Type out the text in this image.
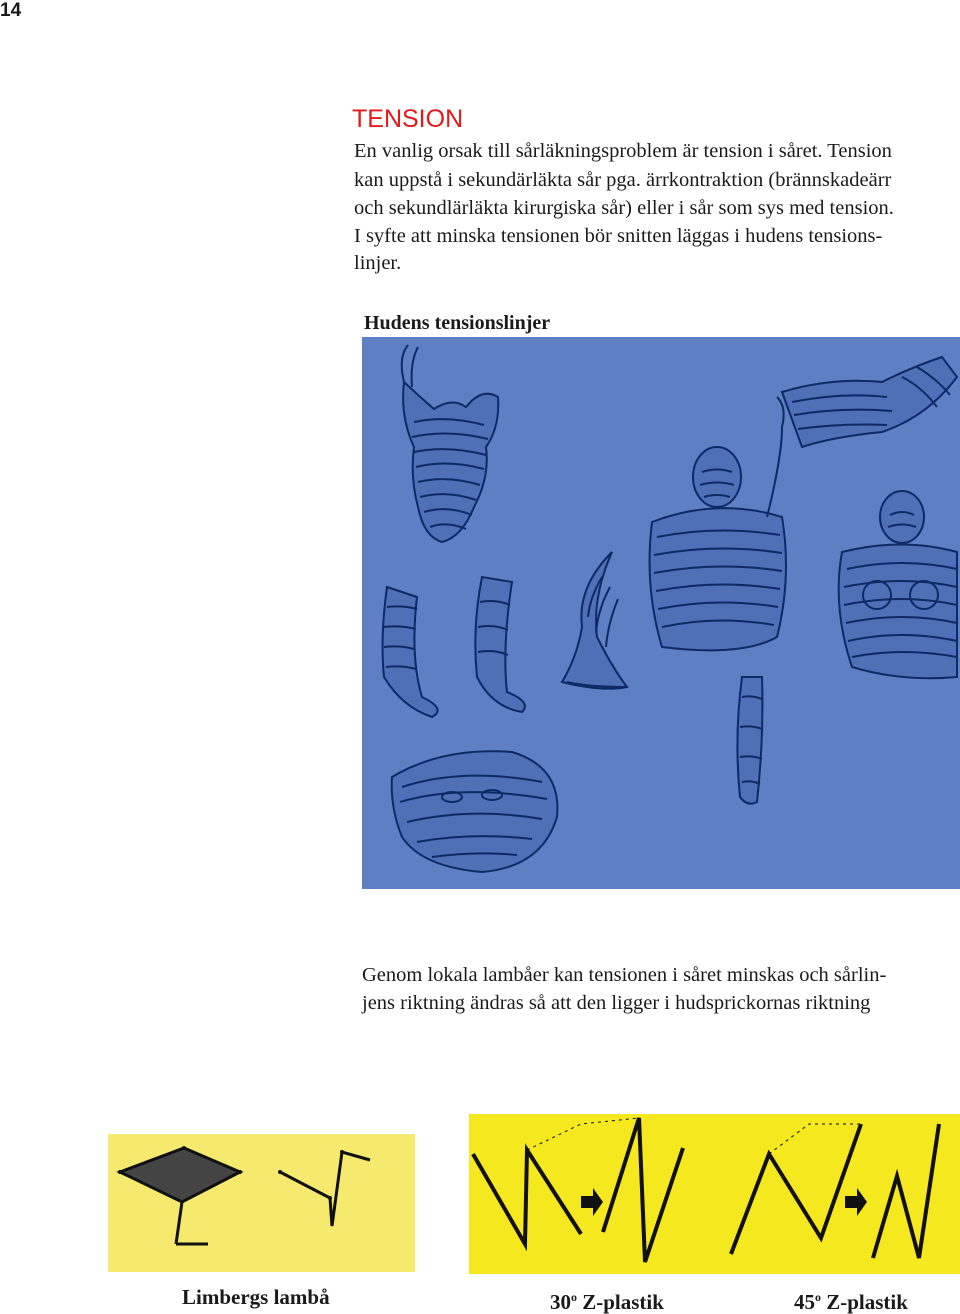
14
TENSION
En vanlig orsak till sårläkningsproblem är tension i såret. Tension
kan uppstå i sekundärläkta sår pga. ärrkontraktion (brännskadeärr
och sekundlärläkta kirurgiska sår) eller i sår som sys med tension.
I syfte att minska tensionen bör snitten läggas i hudens tensions-
linjer.
Hudens tensionslinjer
Genom lokala lambåer kan tensionen i såret minskas och sårlin-
jens riktning ändras så att den ligger i hudsprickornas riktning
Limbergs lambå	30$^o$ Z-plastik	45$^o$ Z-plastik
